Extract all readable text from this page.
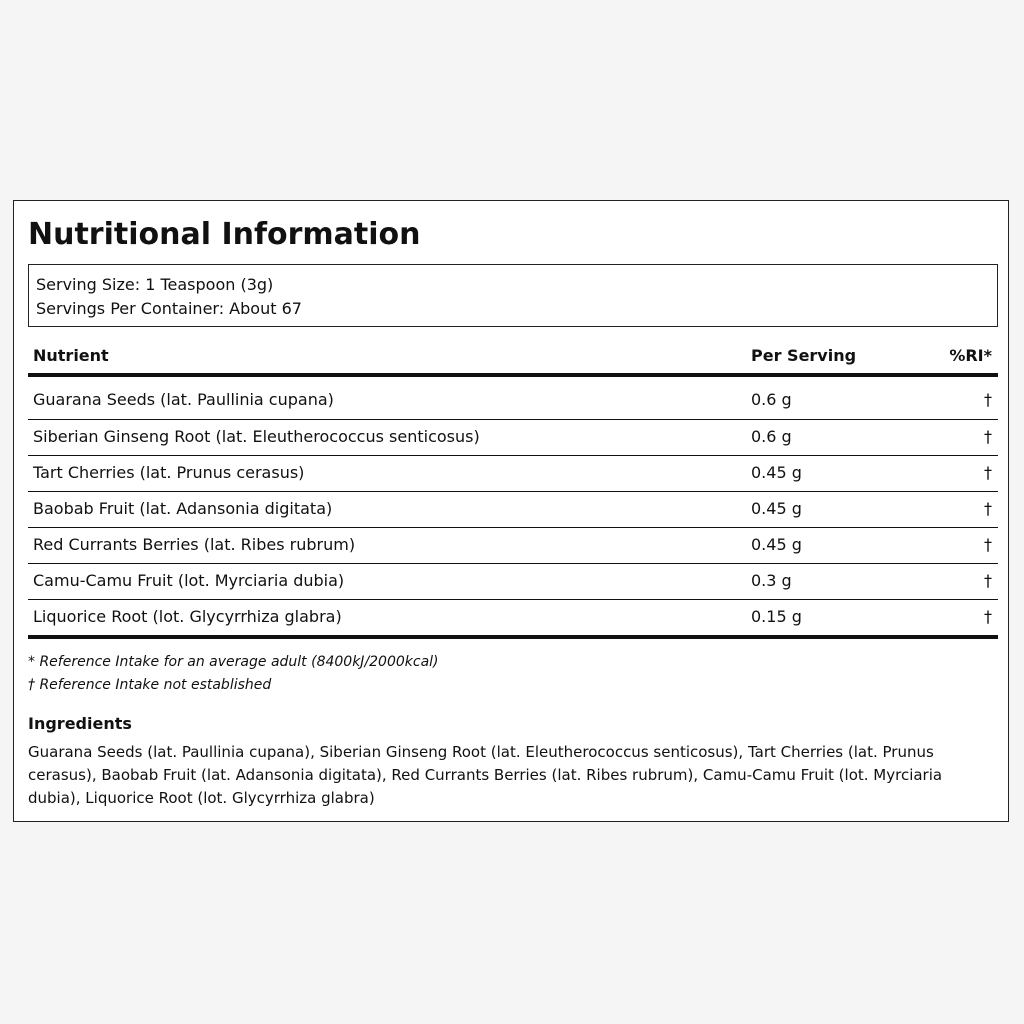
Nutritional Information
Serving Size: 1 Teaspoon (3g)
Servings Per Container: About 67
Nutrient	Per Serving	%RI*
Guarana Seeds (lat. Paullinia cupana)	0.6 g	†
Siberian Ginseng Root (lat. Eleutherococcus senticosus)	0.6 g	†
Tart Cherries (lat. Prunus cerasus)	0.45 g	†
Baobab Fruit (lat. Adansonia digitata)	0.45 g	†
Red Currants Berries (lat. Ribes rubrum)	0.45 g	†
Camu-Camu Fruit (lot. Myrciaria dubia)	0.3 g	†
Liquorice Root (lot. Glycyrrhiza glabra)	0.15 g	†
* Reference Intake for an average adult (8400kJ/2000kcal)
† Reference Intake not established
Ingredients
Guarana Seeds (lat. Paullinia cupana), Siberian Ginseng Root (lat. Eleutherococcus senticosus), Tart Cherries (lat. Prunus cerasus), Baobab Fruit (lat. Adansonia digitata), Red Currants Berries (lat. Ribes rubrum), Camu-Camu Fruit (lot. Myrciaria dubia), Liquorice Root (lot. Glycyrrhiza glabra)
